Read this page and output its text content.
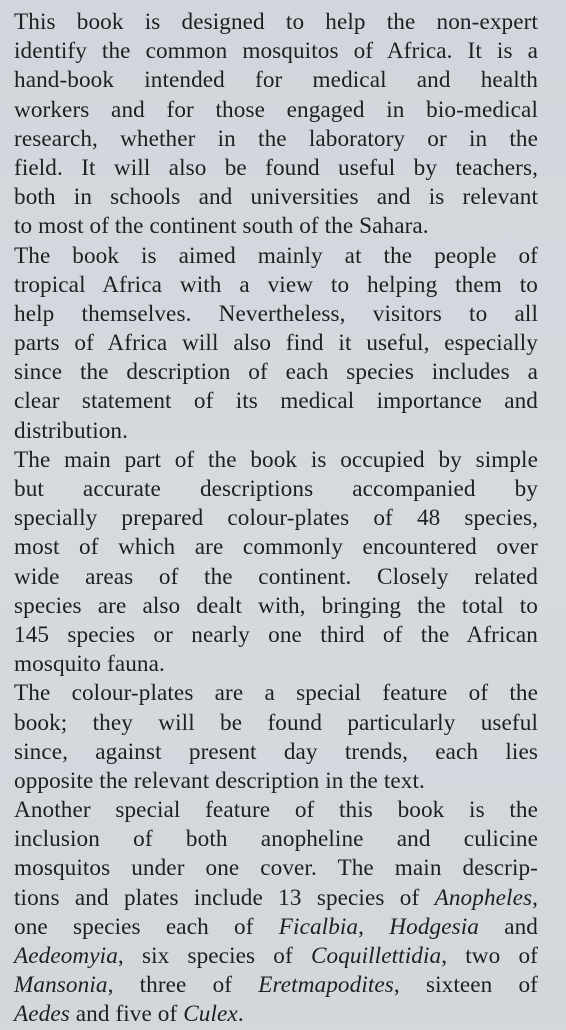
This book is designed to help the non-expert
identify the common mosquitos of Africa. It is a
hand-book intended for medical and health
workers and for those engaged in bio-medical
research, whether in the laboratory or in the
field. It will also be found useful by teachers,
both in schools and universities and is relevant
to most of the continent south of the Sahara.
The book is aimed mainly at the people of
tropical Africa with a view to helping them to
help themselves. Nevertheless, visitors to all
parts of Africa will also find it useful, especially
since the description of each species includes a
clear statement of its medical importance and
distribution.
The main part of the book is occupied by simple
but accurate descriptions accompanied by
specially prepared colour-plates of 48 species,
most of which are commonly encountered over
wide areas of the continent. Closely related
species are also dealt with, bringing the total to
145 species or nearly one third of the African
mosquito fauna.
The colour-plates are a special feature of the
book; they will be found particularly useful
since, against present day trends, each lies
opposite the relevant description in the text.
Another special feature of this book is the
inclusion of both anopheline and culicine
mosquitos under one cover. The main descrip-
tions and plates include 13 species of Anopheles,
one species each of Ficalbia, Hodgesia and
Aedeomyia, six species of Coquillettidia, two of
Mansonia, three of Eretmapodites, sixteen of
Aedes and five of Culex.
